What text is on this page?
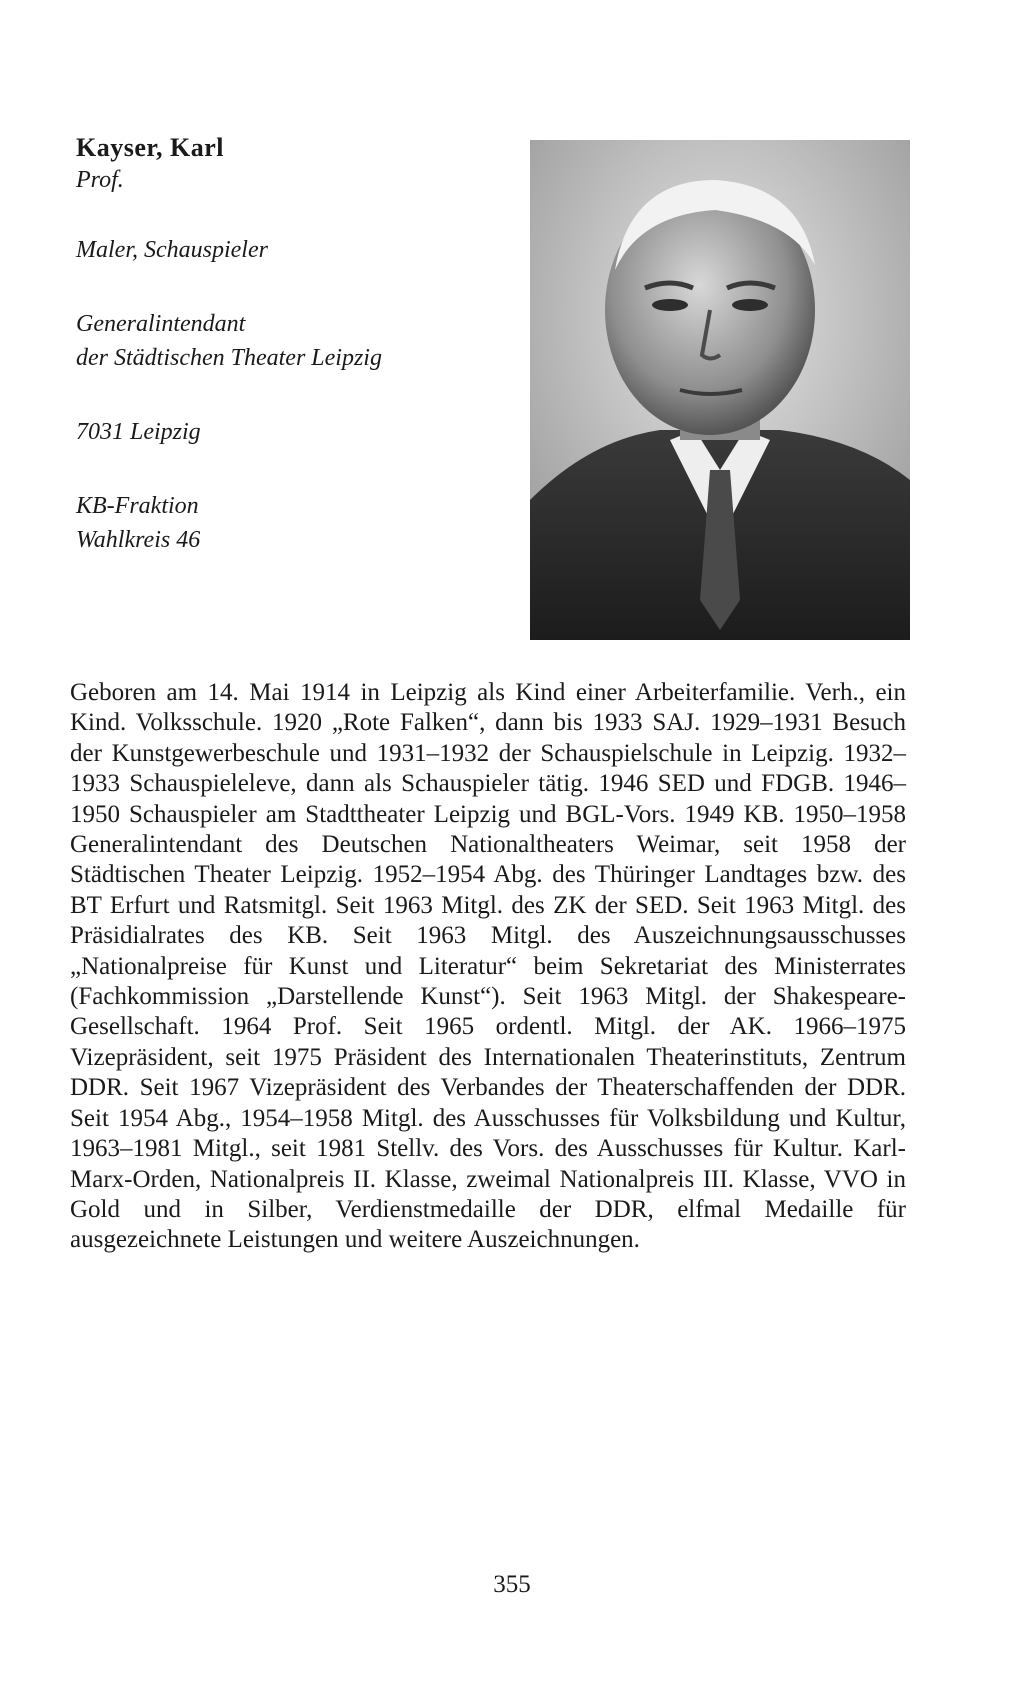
Kayser, Karl

Prof.

Maler, Schauspieler

Generalintendant

der Städtischen Theater Leipzig

7031 Leipzig

KB-Fraktion

Wahlkreis 46

Geboren am 14. Mai 1914 in Leipzig als Kind einer Arbeiterfamilie. Verh., ein Kind. Volksschule. 1920 „Rote Falken“, dann bis 1933 SAJ. 1929–1931 Besuch der Kunstgewerbeschule und 1931–1932 der Schauspielschule in Leipzig. 1932–1933 Schauspieleleve, dann als Schauspieler tätig. 1946 SED und FDGB. 1946–1950 Schauspieler am Stadttheater Leipzig und BGL-Vors. 1949 KB. 1950–1958 Generalintendant des Deutschen Nationaltheaters Weimar, seit 1958 der Städtischen Theater Leipzig. 1952–1954 Abg. des Thüringer Landtages bzw. des BT Erfurt und Ratsmitgl. Seit 1963 Mitgl. des ZK der SED. Seit 1963 Mitgl. des Präsidialrates des KB. Seit 1963 Mitgl. des Auszeichnungsausschusses „Nationalpreise für Kunst und Literatur“ beim Sekretariat des Ministerrates (Fachkommission „Darstellende Kunst“). Seit 1963 Mitgl. der Shakespeare-Gesellschaft. 1964 Prof. Seit 1965 ordentl. Mitgl. der AK. 1966–1975 Vizepräsident, seit 1975 Präsident des Internationalen Theaterinstituts, Zentrum DDR. Seit 1967 Vizepräsident des Verbandes der Theaterschaffenden der DDR. Seit 1954 Abg., 1954–1958 Mitgl. des Ausschusses für Volksbildung und Kultur, 1963–1981 Mitgl., seit 1981 Stellv. des Vors. des Ausschusses für Kultur. Karl-Marx-Orden, Nationalpreis II. Klasse, zweimal Nationalpreis III. Klasse, VVO in Gold und in Silber, Verdienstmedaille der DDR, elfmal Medaille für ausgezeichnete Leistungen und weitere Auszeichnungen.

355
